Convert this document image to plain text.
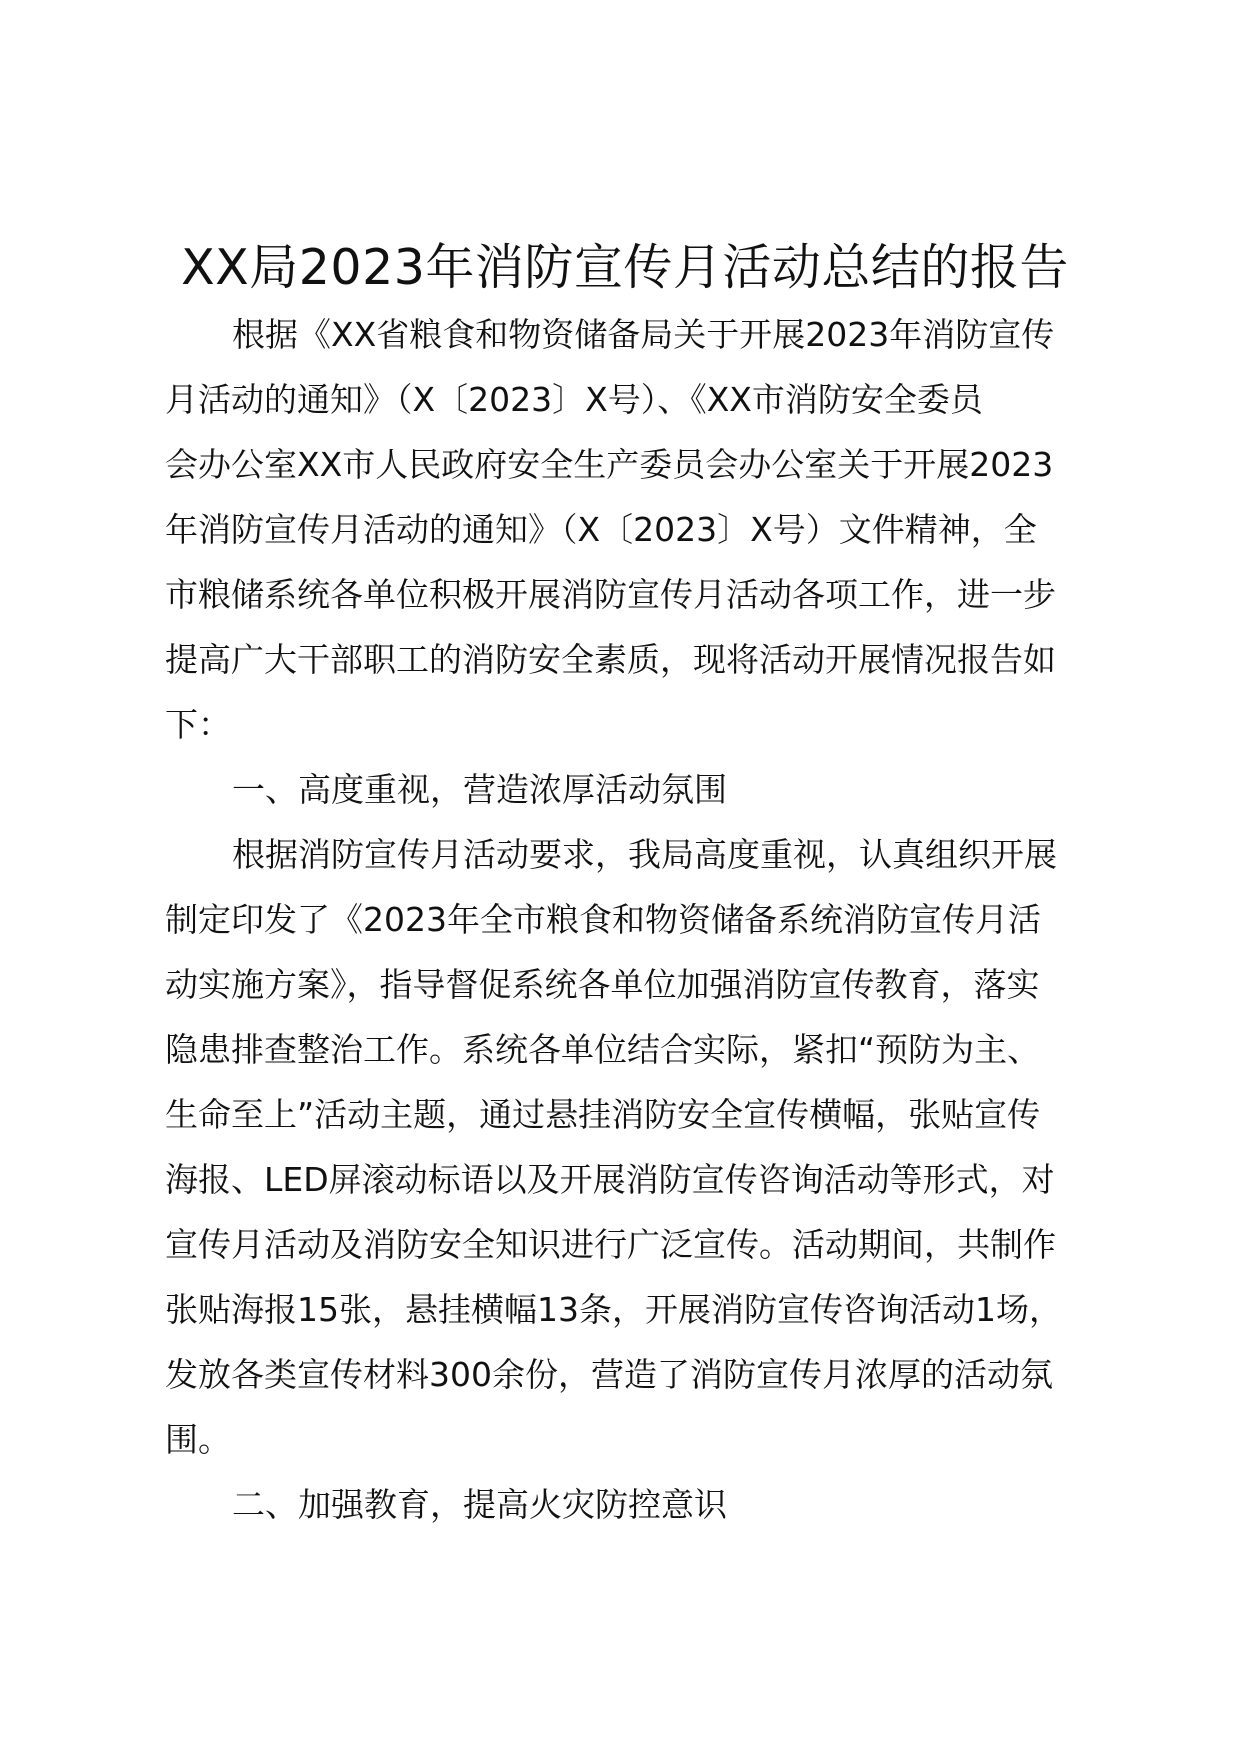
XX局2023年消防宣传月活动总结的报告

根据《XX省粮食和物资储备局关于开展2023年消防宣传

月活动的通知》（X〔2023〕X号）、《XX市消防安全委员

会办公室XX市人民政府安全生产委员会办公室关于开展2023

年消防宣传月活动的通知》（X〔2023〕X号）文件精神，全

市粮储系统各单位积极开展消防宣传月活动各项工作，进一步

提高广大干部职工的消防安全素质，现将活动开展情况报告如

下：

一、高度重视，营造浓厚活动氛围

根据消防宣传月活动要求，我局高度重视，认真组织开展

制定印发了《2023年全市粮食和物资储备系统消防宣传月活

动实施方案》，指导督促系统各单位加强消防宣传教育，落实

隐患排查整治工作。系统各单位结合实际，紧扣“预防为主、

生命至上”活动主题，通过悬挂消防安全宣传横幅，张贴宣传

海报、LED屏滚动标语以及开展消防宣传咨询活动等形式，对

宣传月活动及消防安全知识进行广泛宣传。活动期间，共制作

张贴海报15张，悬挂横幅13条，开展消防宣传咨询活动1场，

发放各类宣传材料300余份，营造了消防宣传月浓厚的活动氛

围。

二、加强教育，提高火灾防控意识
